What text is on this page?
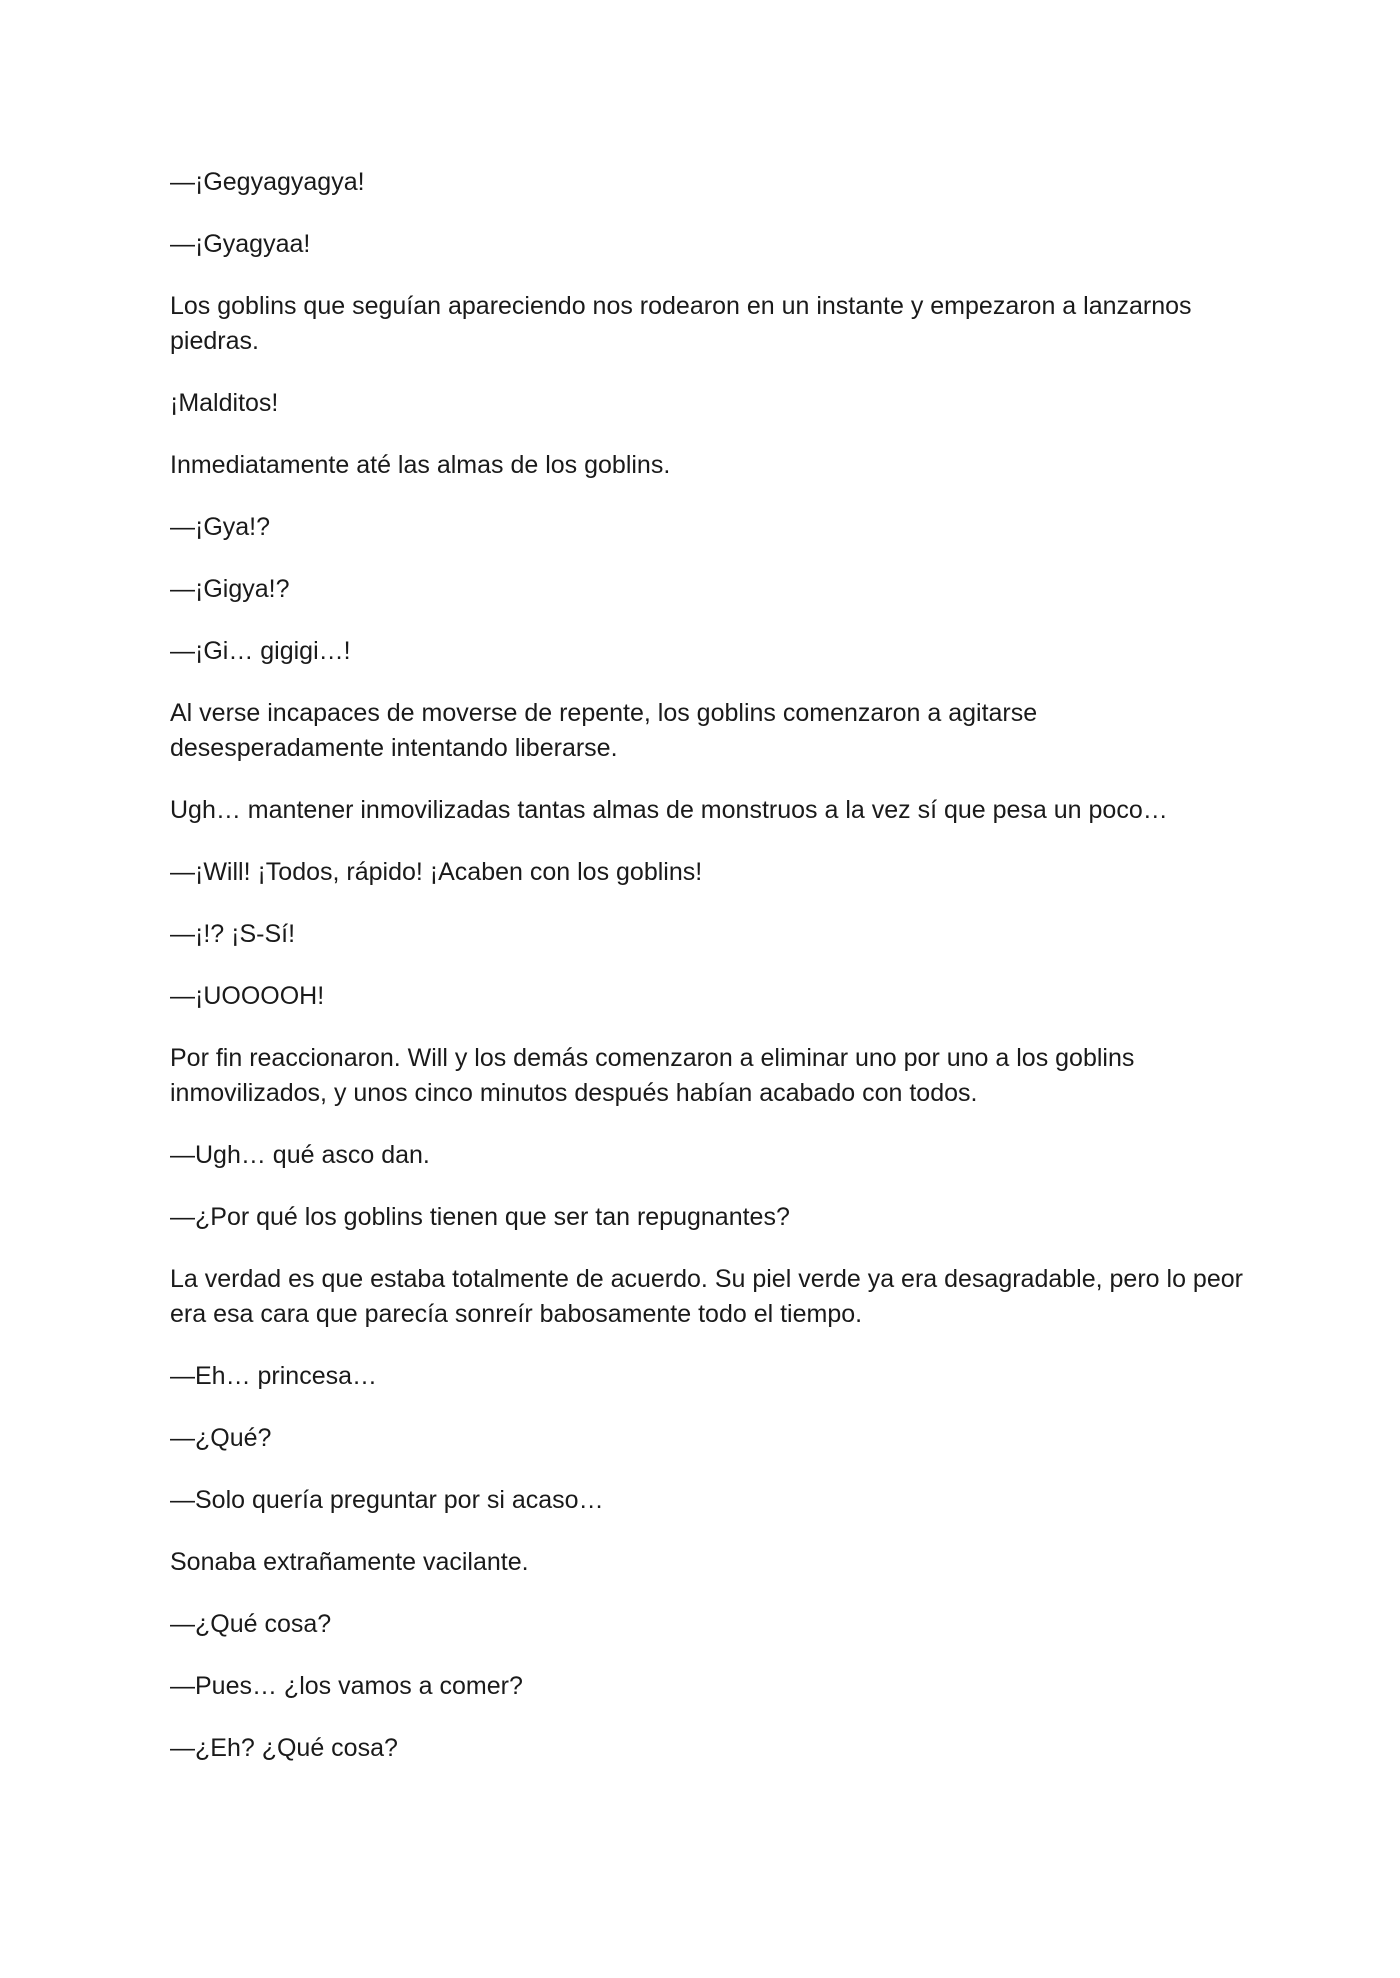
—¡Gegyagyagya!

—¡Gyagyaa!

Los goblins que seguían apareciendo nos rodearon en un instante y empezaron a lanzarnos piedras.

¡Malditos!

Inmediatamente até las almas de los goblins.

—¡Gya!?

—¡Gigya!?

—¡Gi… gigigi…!

Al verse incapaces de moverse de repente, los goblins comenzaron a agitarse desesperadamente intentando liberarse.

Ugh… mantener inmovilizadas tantas almas de monstruos a la vez sí que pesa un poco…

—¡Will! ¡Todos, rápido! ¡Acaben con los goblins!

—¡!? ¡S-Sí!

—¡UOOOOH!

Por fin reaccionaron. Will y los demás comenzaron a eliminar uno por uno a los goblins inmovilizados, y unos cinco minutos después habían acabado con todos.

—Ugh… qué asco dan.

—¿Por qué los goblins tienen que ser tan repugnantes?

La verdad es que estaba totalmente de acuerdo. Su piel verde ya era desagradable, pero lo peor era esa cara que parecía sonreír babosamente todo el tiempo.

—Eh… princesa…

—¿Qué?

—Solo quería preguntar por si acaso…

Sonaba extrañamente vacilante.

—¿Qué cosa?

—Pues… ¿los vamos a comer?

—¿Eh? ¿Qué cosa?
